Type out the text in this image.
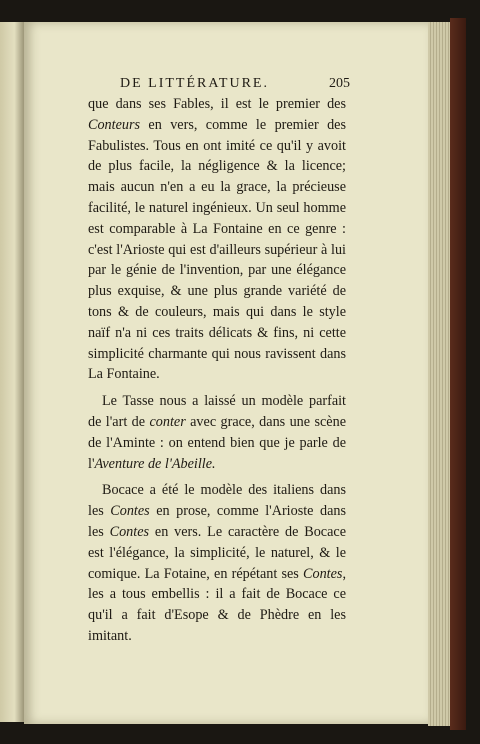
DE LITTÉRATURE.	205

que dans ses Fables, il est le premier des Conteurs en vers, comme le premier des Fabulistes. Tous en ont imité ce qu'il y avoit de plus facile, la négligence & la licence; mais aucun n'en a eu la grace, la précieuse facilité, le naturel ingénieux. Un seul homme est comparable à La Fontaine en ce genre : c'est l'Arioste qui est d'ailleurs supérieur à lui par le génie de l'invention, par une élégance plus exquise, & une plus grande variété de tons & de couleurs, mais qui dans le style naïf n'a ni ces traits délicats & fins, ni cette simplicité charmante qui nous ravissent dans La Fontaine.

Le Tasse nous a laissé un modèle parfait de l'art de conter avec grace, dans une scène de l'Aminte : on entend bien que je parle de l'Aventure de l'Abeille.

Bocace a été le modèle des italiens dans les Contes en prose, comme l'Arioste dans les Contes en vers. Le caractère de Bocace est l'élégance, la simplicité, le naturel, & le comique. La Fotaine, en répétant ses Contes, les a tous embellis : il a fait de Bocace ce qu'il a fait d'Esope & de Phèdre en les imitant.
